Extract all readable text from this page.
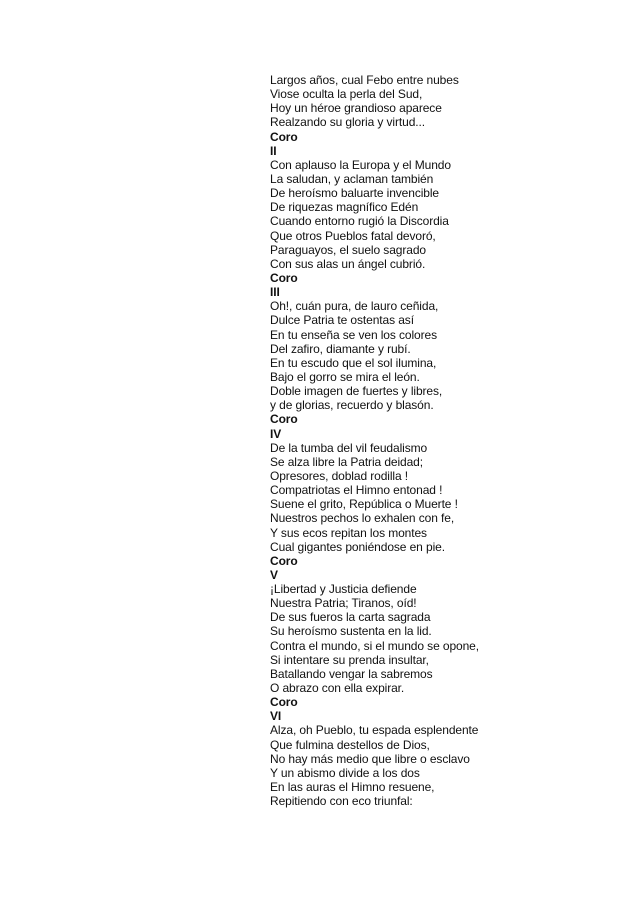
Largos años, cual Febo entre nubes
Viose oculta la perla del Sud,
Hoy un héroe grandioso aparece
Realzando su gloria y virtud...
Coro
II
Con aplauso la Europa y el Mundo
La saludan, y aclaman también
De heroísmo baluarte invencible
De riquezas magnífico Edén
Cuando entorno rugió la Discordia
Que otros Pueblos fatal devoró,
Paraguayos, el suelo sagrado
Con sus alas un ángel cubrió.
Coro
III
Oh!, cuán pura, de lauro ceñida,
Dulce Patria te ostentas así
En tu enseña se ven los colores
Del zafiro, diamante y rubí.
En tu escudo que el sol ilumina,
Bajo el gorro se mira el león.
Doble imagen de fuertes y libres,
y de glorias, recuerdo y blasón.
Coro
IV
De la tumba del vil feudalismo
Se alza libre la Patria deidad;
Opresores, doblad rodilla !
Compatriotas el Himno entonad !
Suene el grito, República o Muerte !
Nuestros pechos lo exhalen con fe,
Y sus ecos repitan los montes
Cual gigantes poniéndose en pie.
Coro
V
¡Libertad y Justicia defiende
Nuestra Patria; Tiranos, oíd!
De sus fueros la carta sagrada
Su heroísmo sustenta en la lid.
Contra el mundo, si el mundo se opone,
Si intentare su prenda insultar,
Batallando vengar la sabremos
O abrazo con ella expirar.
Coro
VI
Alza, oh Pueblo, tu espada esplendente
Que fulmina destellos de Dios,
No hay más medio que libre o esclavo
Y un abismo divide a los dos
En las auras el Himno resuene,
Repitiendo con eco triunfal:
